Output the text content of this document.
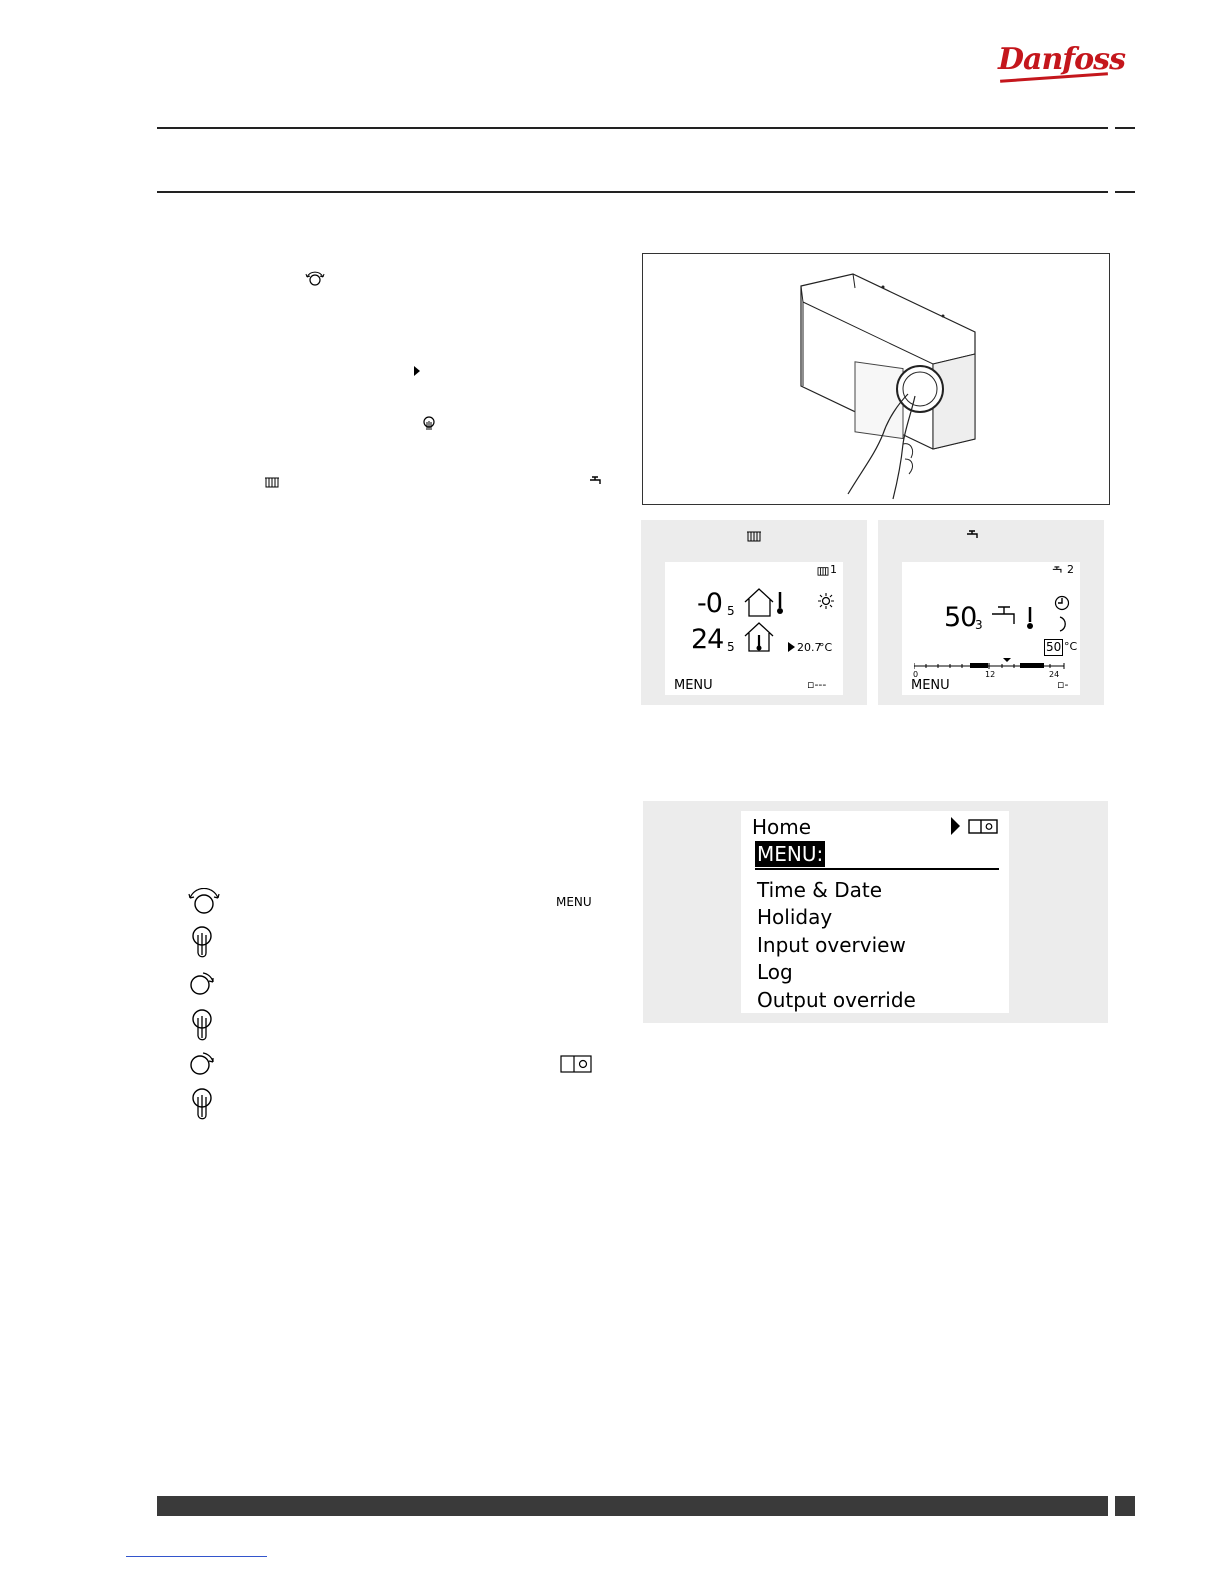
Danfoss
1
-0 5
24 5	20.7
°C
MENU	▫---
2
50
3
50 °C
0	12	24
MENU	▫-
MENU
Home
MENU:
Time & Date
Holiday
Input overview
Log
Output override
